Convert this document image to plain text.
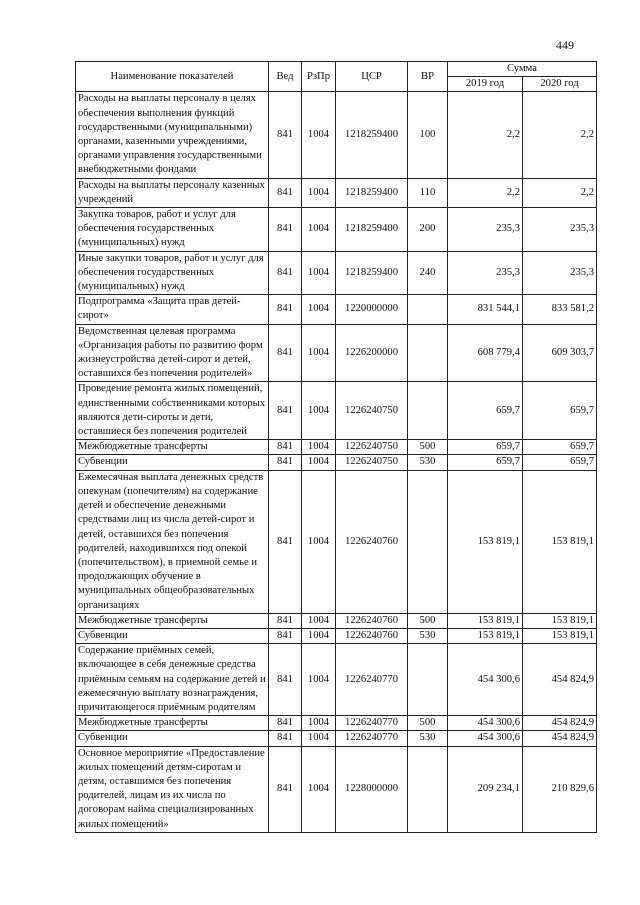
449
Наименование показателей	Вед	РзПр	ЦСР	ВР	Сумма	
					2019 год	2020 год
Расходы на выплаты персоналу в целях обеспечения выполнения функций государственными (муниципальными) органами, казенными учреждениями, органами управления государственными внебюджетными фондами	841	1004	1218259400	100	2,2	2,2
Расходы на выплаты персоналу казенных учреждений	841	1004	1218259400	110	2,2	2,2
Закупка товаров, работ и услуг для обеспечения государственных (муниципальных) нужд	841	1004	1218259400	200	235,3	235,3
Иные закупки товаров, работ и услуг для обеспечения государственных (муниципальных) нужд	841	1004	1218259400	240	235,3	235,3
Подпрограмма «Защита прав детей-сирот»	841	1004	1220000000		831 544,1	833 581,2
Ведомственная целевая программа «Организация работы по развитию форм жизнеустройства детей-сирот и детей, оставшихся без попечения родителей»	841	1004	1226200000		608 779,4	609 303,7
Проведение ремонта жилых помещений, единственными собственниками которых являются дети-сироты и дети, оставшиеся без попечения родителей	841	1004	1226240750		659,7	659,7
Межбюджетные трансферты	841	1004	1226240750	500	659,7	659,7
Субвенции	841	1004	1226240750	530	659,7	659,7
Ежемесячная выплата денежных средств опекунам (попечителям) на содержание детей и обеспечение денежными средствами лиц из числа детей-сирот и детей, оставшихся без попечения родителей, находившихся под опекой (попечительством), в приемной семье и продолжающих обучение в муниципальных общеобразовательных организациях	841	1004	1226240760		153 819,1	153 819,1
Межбюджетные трансферты	841	1004	1226240760	500	153 819,1	153 819,1
Субвенции	841	1004	1226240760	530	153 819,1	153 819,1
Содержание приёмных семей, включающее в себя денежные средства приёмным семьям на содержание детей и ежемесячную выплату вознаграждения, причитающегося приёмным родителям	841	1004	1226240770		454 300,6	454 824,9
Межбюджетные трансферты	841	1004	1226240770	500	454 300,6	454 824,9
Субвенции	841	1004	1226240770	530	454 300,6	454 824,9
Основное мероприятие «Предоставление жилых помещений детям-сиротам и детям, оставшимся без попечения родителей, лицам из их числа по договорам найма специализированных жилых помещений»	841	1004	1228000000		209 234,1	210 829,6
